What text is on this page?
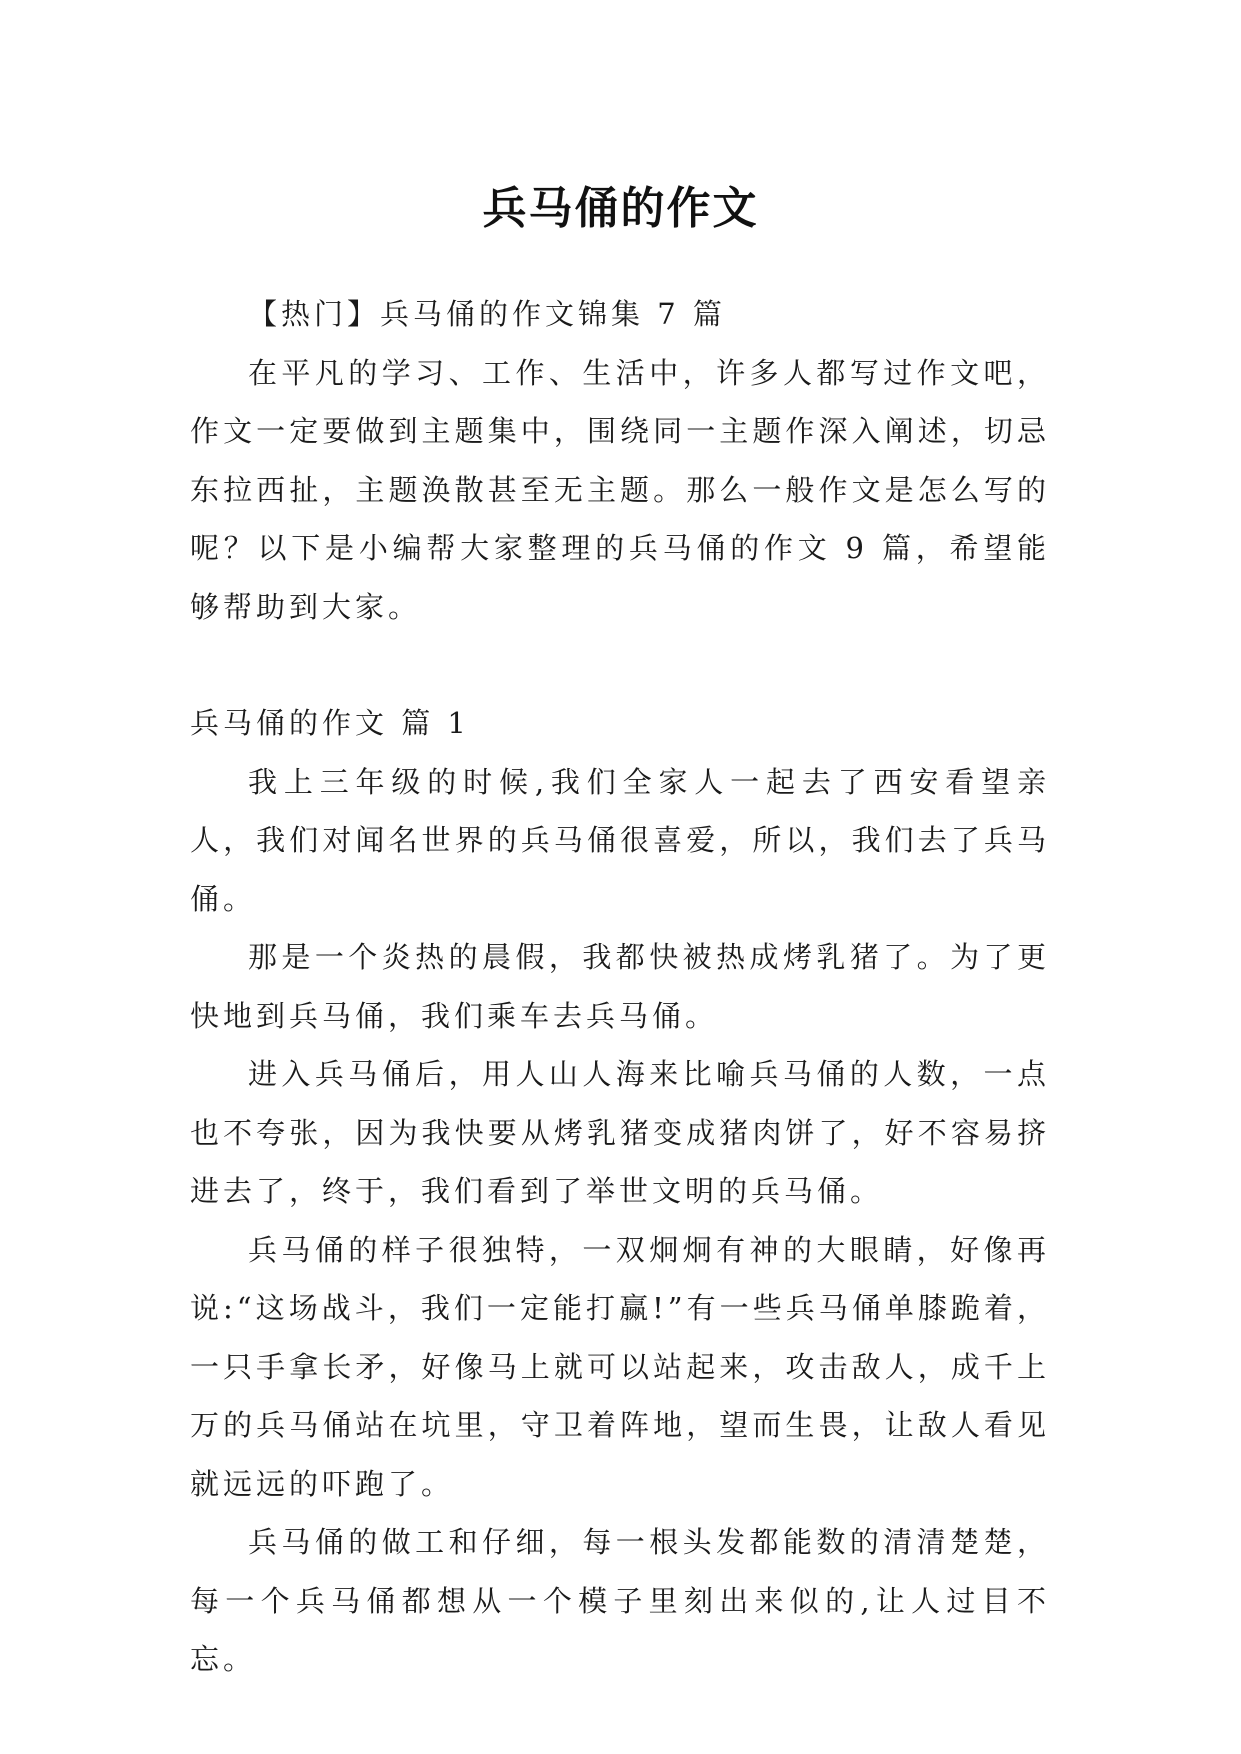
兵马俑的作文

【热门】兵马俑的作文锦集 7 篇

在平凡的学习、工作、生活中，许多人都写过作文吧，作文一定要做到主题集中，围绕同一主题作深入阐述，切忌东拉西扯，主题涣散甚至无主题。那么一般作文是怎么写的呢？以下是小编帮大家整理的兵马俑的作文 9 篇，希望能够帮助到大家。

兵马俑的作文 篇 1

我上三年级的时候,我们全家人一起去了西安看望亲人，我们对闻名世界的兵马俑很喜爱，所以，我们去了兵马俑。

那是一个炎热的晨假，我都快被热成烤乳猪了。为了更快地到兵马俑，我们乘车去兵马俑。

进入兵马俑后，用人山人海来比喻兵马俑的人数，一点也不夸张，因为我快要从烤乳猪变成猪肉饼了，好不容易挤进去了，终于，我们看到了举世文明的兵马俑。

兵马俑的样子很独特，一双炯炯有神的大眼睛，好像再说:“这场战斗，我们一定能打赢!”有一些兵马俑单膝跪着，一只手拿长矛，好像马上就可以站起来，攻击敌人，成千上万的兵马俑站在坑里，守卫着阵地，望而生畏，让敌人看见就远远的吓跑了。

兵马俑的做工和仔细，每一根头发都能数的清清楚楚，每一个兵马俑都想从一个模子里刻出来似的,让人过目不忘。
